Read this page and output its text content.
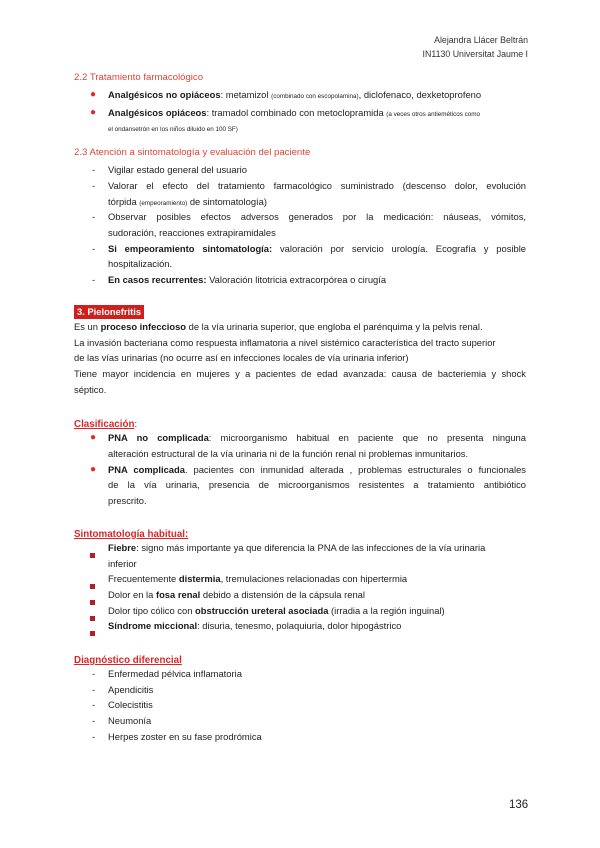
Alejandra Llácer Beltrán
IN1130 Universitat Jaume I
2.2 Tratamiento farmacológico
● Analgésicos no opiáceos: metamizol (combinado con escopolamina), diclofenaco, dexketoprofeno
● Analgésicos opiáceos: tramadol combinado con metoclopramida (a veces otros antieméticos como
el ondansetrón en los niños diluido en 100 SF)
2.3 Atención a sintomatología y evaluación del paciente
- Vigilar estado general del usuario
- Valorar el efecto del tratamiento farmacológico suministrado (descenso dolor, evolución
tórpida (empeoramiento) de sintomatología)
- Observar posibles efectos adversos generados por la medicación: náuseas, vómitos,
sudoración, reacciones extrapiramidales
- Si empeoramiento sintomatología: valoración por servicio urología. Ecografía y posible
hospitalización.
- En casos recurrentes: Valoración litotricia extracorpórea o cirugía
3. Pielonefritis
Es un proceso infeccioso de la vía urinaria superior, que engloba el parénquima y la pelvis renal.
La invasión bacteriana como respuesta inflamatoria a nivel sistémico característica del tracto superior
de las vías urinarias (no ocurre así en infecciones locales de vía urinaria inferior)
Tiene mayor incidencia en mujeres y a pacientes de edad avanzada: causa de bacteriemia y shock
séptico.
Clasificación:
● PNA no complicada: microorganismo habitual en paciente que no presenta ninguna
alteración estructural de la vía urinaria ni de la función renal ni problemas inmunitarios.
● PNA complicada. pacientes con inmunidad alterada , problemas estructurales o funcionales
de la vía urinaria, presencia de microorganismos resistentes a tratamiento antibiótico
prescrito.
Sintomatología habitual:
Fiebre: signo más importante ya que diferencia la PNA de las infecciones de la vía urinaria
inferior
Frecuentemente distermia, tremulaciones relacionadas con hipertermia
Dolor en la fosa renal debido a distensión de la cápsula renal
Dolor tipo cólico con obstrucción ureteral asociada (irradia a la región inguinal)
Síndrome miccional: disuria, tenesmo, polaquiuria, dolor hipogástrico
Diagnóstico diferencial
- Enfermedad pélvica inflamatoria
- Apendicitis
- Colecistitis
- Neumonía
- Herpes zoster en su fase prodrómica
136
